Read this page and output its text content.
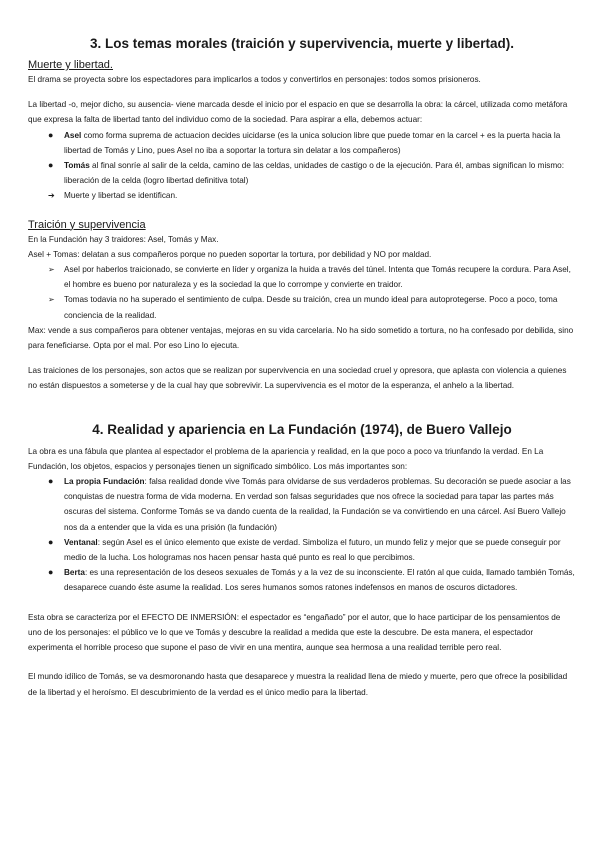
3. Los temas morales (traición y supervivencia, muerte y libertad).
Muerte y libertad.
El drama se proyecta sobre los espectadores para implicarlos a todos y convertirlos en personajes: todos somos prisioneros.
La libertad -o, mejor dicho, su ausencia- viene marcada desde el inicio por el espacio en que se desarrolla la obra: la cárcel, utilizada como metáfora que expresa la falta de libertad tanto del individuo como de la sociedad. Para aspirar a ella, debemos actuar:
●	Asel como forma suprema de actuacion decides uicidarse (es la unica solucion libre que puede tomar en la carcel + es la puerta hacia la libertad de Tomás y Lino, pues Asel no iba a soportar la tortura sin delatar a los compañeros)
●	Tomás al final sonríe al salir de la celda, camino de las celdas, unidades de castigo o de la ejecución. Para él, ambas significan lo mismo: liberación de la celda (logro libertad definitiva total)
➔	Muerte y libertad se identifican.
Traición y supervivencia
En la Fundación hay 3 traidores: Asel, Tomás y Max.
Asel + Tomas: delatan a sus compañeros porque no pueden soportar la tortura, por debilidad y NO por maldad.
➢	Asel por haberlos traicionado, se convierte en líder y organiza la huida a través del túnel. Intenta que Tomás recupere la cordura. Para Asel, el hombre es bueno por naturaleza y es la sociedad la que lo corrompe y convierte en traidor.
➢	Tomas todavia no ha superado el sentimiento de culpa. Desde su traición, crea un mundo ideal para autoprotegerse. Poco a poco, toma conciencia de la realidad.
Max: vende a sus compañeros para obtener ventajas, mejoras en su vida carcelaria. No ha sido sometido a tortura, no ha confesado por debilida, sino para feneficiarse. Opta por el mal. Por eso Lino lo ejecuta.
Las traiciones de los personajes, son actos que se realizan por supervivencia en una sociedad cruel y opresora, que aplasta con violencia a quienes no están dispuestos a someterse y de la cual hay que sobrevivir. La supervivencia es el motor de la esperanza, el anhelo a la libertad.
4. Realidad y apariencia en La Fundación (1974), de Buero Vallejo
La obra es una fábula que plantea al espectador el problema de la apariencia y realidad, en la que poco a poco va triunfando la verdad. En La Fundación, los objetos, espacios y personajes tienen un significado simbólico. Los más importantes son:
●	La propia Fundación: falsa realidad donde vive Tomás para olvidarse de sus verdaderos problemas. Su decoración se puede asociar a las conquistas de nuestra forma de vida moderna. En verdad son falsas seguridades que nos ofrece la sociedad para tapar las partes más oscuras del sistema. Conforme Tomás se va dando cuenta de la realidad, la Fundación se va convirtiendo en una cárcel. Así Buero Vallejo nos da a entender que la vida es una prisión (la fundación)
●	Ventanal: según Asel es el único elemento que existe de verdad. Simboliza el futuro, un mundo feliz y mejor que se puede conseguir por medio de la lucha. Los hologramas nos hacen pensar hasta qué punto es real lo que percibimos.
●	Berta: es una representación de los deseos sexuales de Tomás y a la vez de su inconsciente. El ratón al que cuida, llamado también Tomás, desaparece cuando éste asume la realidad. Los seres humanos somos ratones indefensos en manos de oscuros dictadores.
Esta obra se caracteriza por el EFECTO DE INMERSIÓN: el espectador es “engañado” por el autor, que lo hace participar de los pensamientos de uno de los personajes: el público ve lo que ve Tomás y descubre la realidad a medida que este la descubre. De esta manera, el espectador experimenta el horrible proceso que supone el paso de vivir en una mentira, aunque sea hermosa a una realidad terrible pero real.
El mundo idílico de Tomás, se va desmoronando hasta que desaparece y muestra la realidad llena de miedo y muerte, pero que ofrece la posibilidad de la libertad y el heroísmo. El descubrimiento de la verdad es el único medio para la libertad.
